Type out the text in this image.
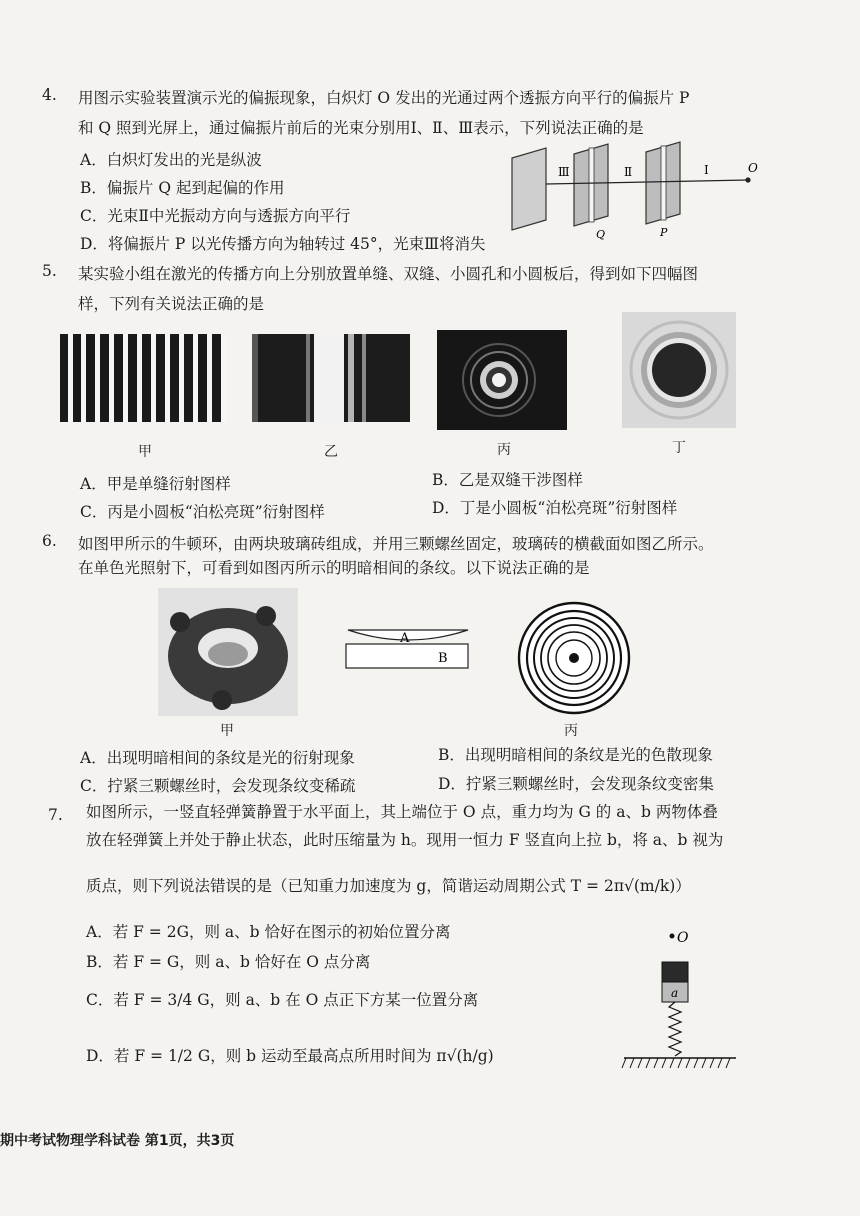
4. 用图示实验装置演示光的偏振现象，白炽灯 O 发出的光通过两个透振方向平行的偏振片 P
和 Q 照到光屏上，通过偏振片前后的光束分别用Ⅰ、Ⅱ、Ⅲ表示，下列说法正确的是
A．白炽灯发出的光是纵波
B．偏振片 Q 起到起偏的作用
C．光束Ⅱ中光振动方向与透振方向平行
D．将偏振片 P 以光传播方向为轴转过 45°，光束Ⅲ将消失
Ⅲ	Ⅱ	Ⅰ	O
Q	P
5. 某实验小组在激光的传播方向上分别放置单缝、双缝、小圆孔和小圆板后，得到如下四幅图
样，下列有关说法正确的是
甲	乙	丙	丁
A．甲是单缝衍射图样	B．乙是双缝干涉图样
C．丙是小圆板“泊松亮斑”衍射图样	D．丁是小圆板“泊松亮斑”衍射图样
6. 如图甲所示的牛顿环，由两块玻璃砖组成，并用三颗螺丝固定，玻璃砖的横截面如图乙所示。
在单色光照射下，可看到如图丙所示的明暗相间的条纹。以下说法正确的是
A
B
甲	丙
A．出现明暗相间的条纹是光的衍射现象	B．出现明暗相间的条纹是光的色散现象
C．拧紧三颗螺丝时，会发现条纹变稀疏	D．拧紧三颗螺丝时，会发现条纹变密集
7. 如图所示，一竖直轻弹簧静置于水平面上，其上端位于 O 点，重力均为 G 的 a、b 两物体叠
放在轻弹簧上并处于静止状态，此时压缩量为 h。现用一恒力 F 竖直向上拉 b，将 a、b 视为
质点，则下列说法错误的是（已知重力加速度为 g，简谐运动周期公式 T = 2π√(m/k)）
A．若 F = 2G，则 a、b 恰好在图示的初始位置分离
B．若 F = G，则 a、b 恰好在 O 点分离
C．若 F = 3/4 G，则 a、b 在 O 点正下方某一位置分离
D．若 F = 1/2 G，则 b 运动至最高点所用时间为 π√(h/g)
O
a
期中考试物理学科试卷 第1页，共3页
